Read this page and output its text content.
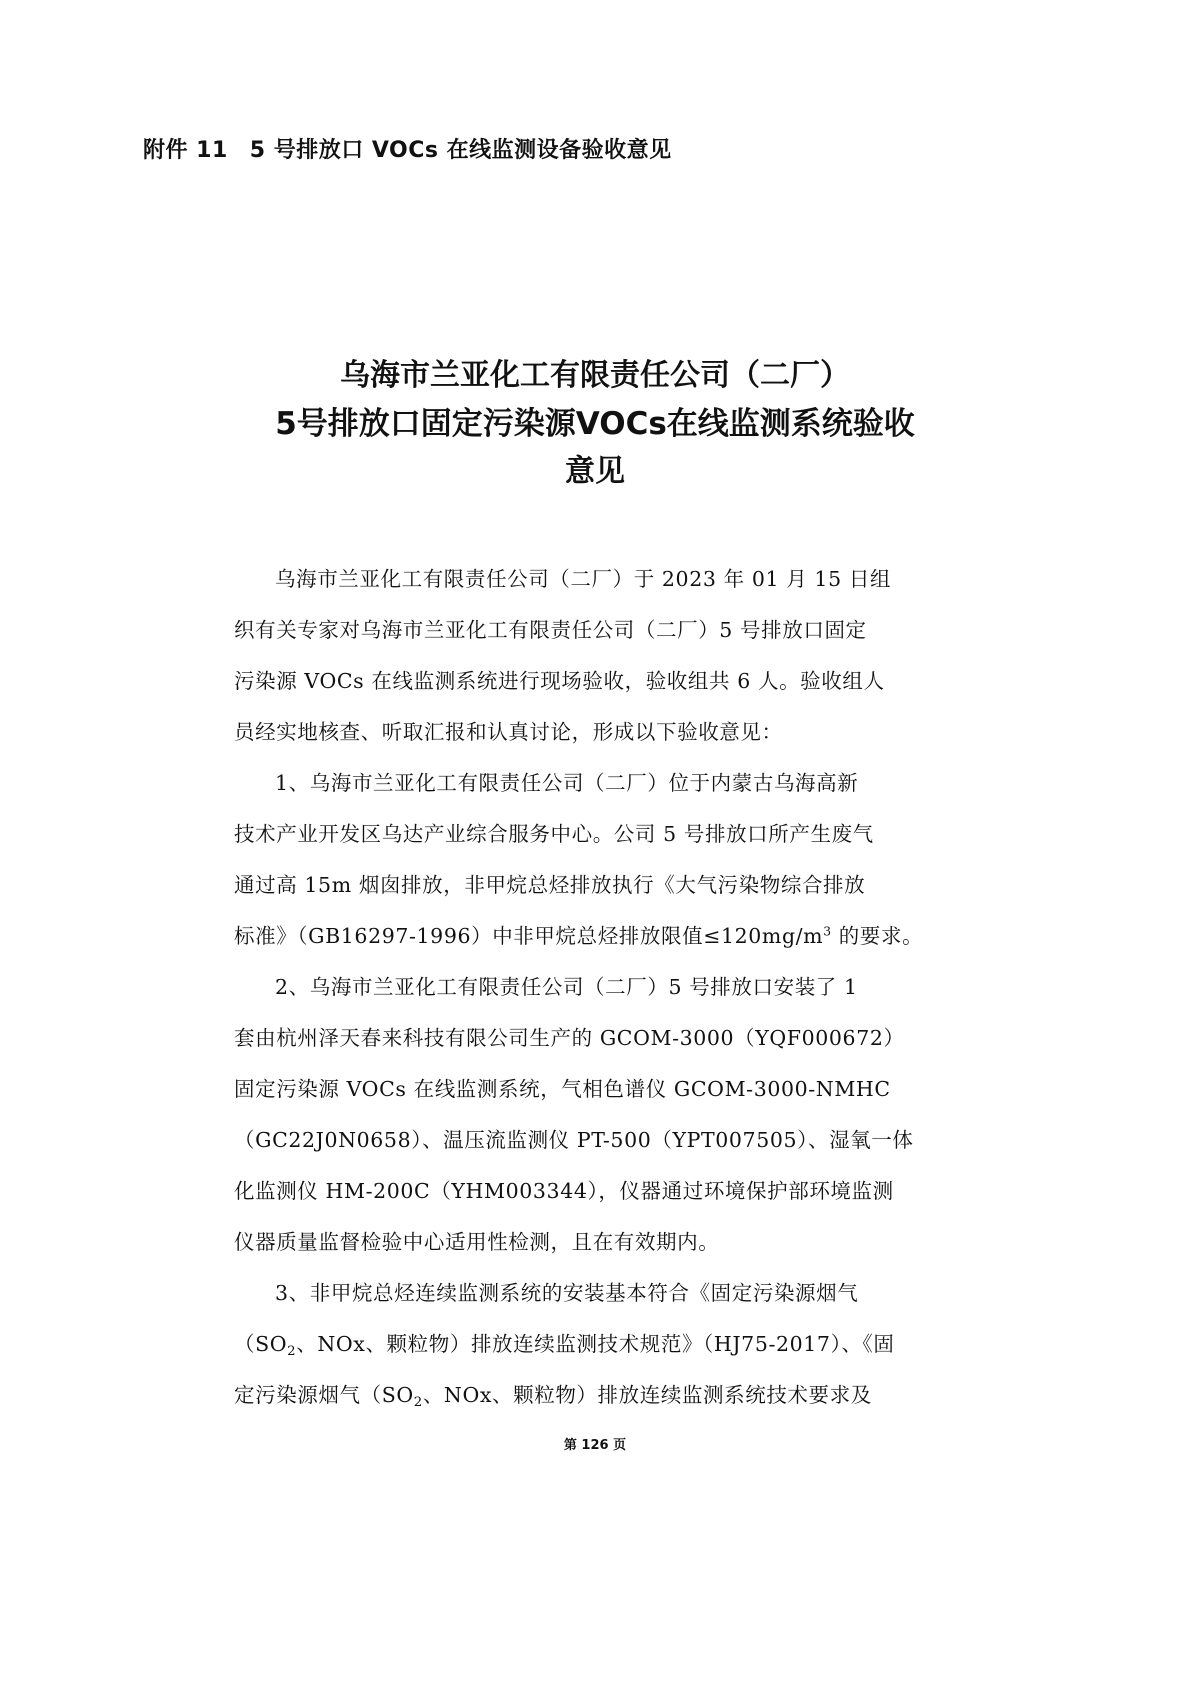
附件 11 5 号排放口 VOCs 在线监测设备验收意见
乌海市兰亚化工有限责任公司（二厂）
5号排放口固定污染源VOCs在线监测系统验收
意见

乌海市兰亚化工有限责任公司（二厂）于 2023 年 01 月 15 日组
织有关专家对乌海市兰亚化工有限责任公司（二厂）5 号排放口固定
污染源 VOCs 在线监测系统进行现场验收，验收组共 6 人。验收组人
员经实地核查、听取汇报和认真讨论，形成以下验收意见：

1、乌海市兰亚化工有限责任公司（二厂）位于内蒙古乌海高新
技术产业开发区乌达产业综合服务中心。公司 5 号排放口所产生废气
通过高 15m 烟囱排放，非甲烷总烃排放执行《大气污染物综合排放
标准》（GB16297-1996）中非甲烷总烃排放限值$\le 120mg/m^3$ 的要求。

2、乌海市兰亚化工有限责任公司（二厂）5 号排放口安装了 1
套由杭州泽天春来科技有限公司生产的 GCOM-3000（YQF000672）
固定污染源 VOCs 在线监测系统，气相色谱仪 GCOM-3000-NMHC
（GC22J0N0658）、温压流监测仪 PT-500（YPT007505）、湿氧一体
化监测仪 HM-200C（YHM003344），仪器通过环境保护部环境监测
仪器质量监督检验中心适用性检测，且在有效期内。

3、非甲烷总烃连续监测系统的安装基本符合《固定污染源烟气
（$SO_2$、NOx、颗粒物）排放连续监测技术规范》（HJ75-2017）、《固
定污染源烟气（$SO_2$、NOx、颗粒物）排放连续监测系统技术要求及

第 126 页
